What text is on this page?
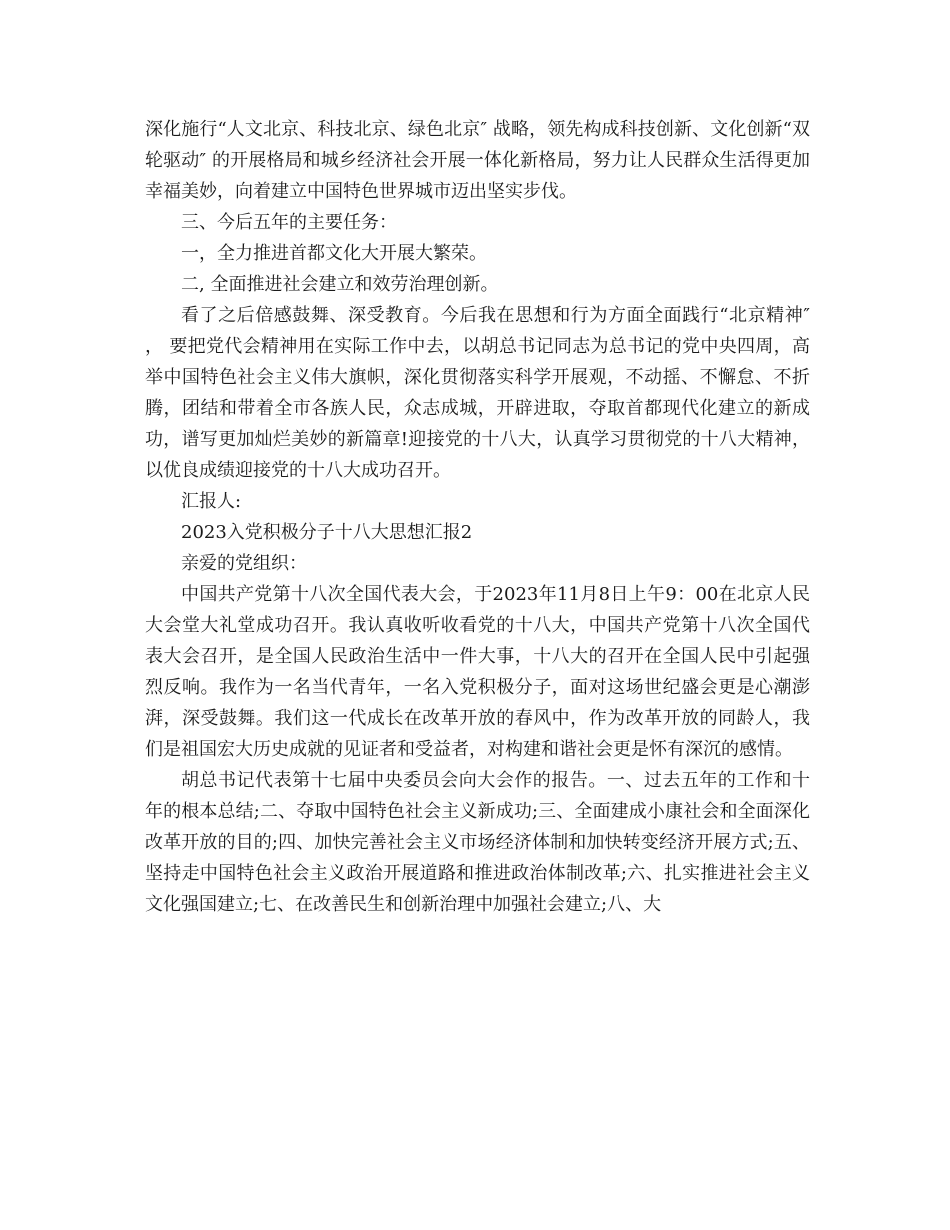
深化施行“人文北京、科技北京、绿色北京″ 战略，领先构成科技创新、文化创新“双轮驱动″ 的开展格局和城乡经济社会开展一体化新格局，努力让人民群众生活得更加幸福美妙，向着建立中国特色世界城市迈出坚实步伐。

三、今后五年的主要任务：

一，全力推进首都文化大开展大繁荣。

二, 全面推进社会建立和效劳治理创新。

看了之后倍感鼓舞、深受教育。今后我在思想和行为方面全面践行“北京精神″ ， 要把党代会精神用在实际工作中去，以胡总书记同志为总书记的党中央四周，高举中国特色社会主义伟大旗帜，深化贯彻落实科学开展观，不动摇、不懈怠、不折腾，团结和带着全市各族人民，众志成城，开辟进取，夺取首都现代化建立的新成功，谱写更加灿烂美妙的新篇章!迎接党的十八大，认真学习贯彻党的十八大精神，以优良成绩迎接党的十八大成功召开。

汇报人:

2023入党积极分子十八大思想汇报2

亲爱的党组织：

中国共产党第十八次全国代表大会，于2023年11月8日上午9：00在北京人民大会堂大礼堂成功召开。我认真收听收看党的十八大，中国共产党第十八次全国代表大会召开，是全国人民政治生活中一件大事，十八大的召开在全国人民中引起强烈反响。我作为一名当代青年，一名入党积极分子，面对这场世纪盛会更是心潮澎湃，深受鼓舞。我们这一代成长在改革开放的春风中，作为改革开放的同龄人，我们是祖国宏大历史成就的见证者和受益者，对构建和谐社会更是怀有深沉的感情。

胡总书记代表第十七届中央委员会向大会作的报告。一、过去五年的工作和十年的根本总结;二、夺取中国特色社会主义新成功;三、全面建成小康社会和全面深化改革开放的目的;四、加快完善社会主义市场经济体制和加快转变经济开展方式;五、坚持走中国特色社会主义政治开展道路和推进政治体制改革;六、扎实推进社会主义文化强国建立;七、在改善民生和创新治理中加强社会建立;八、大
